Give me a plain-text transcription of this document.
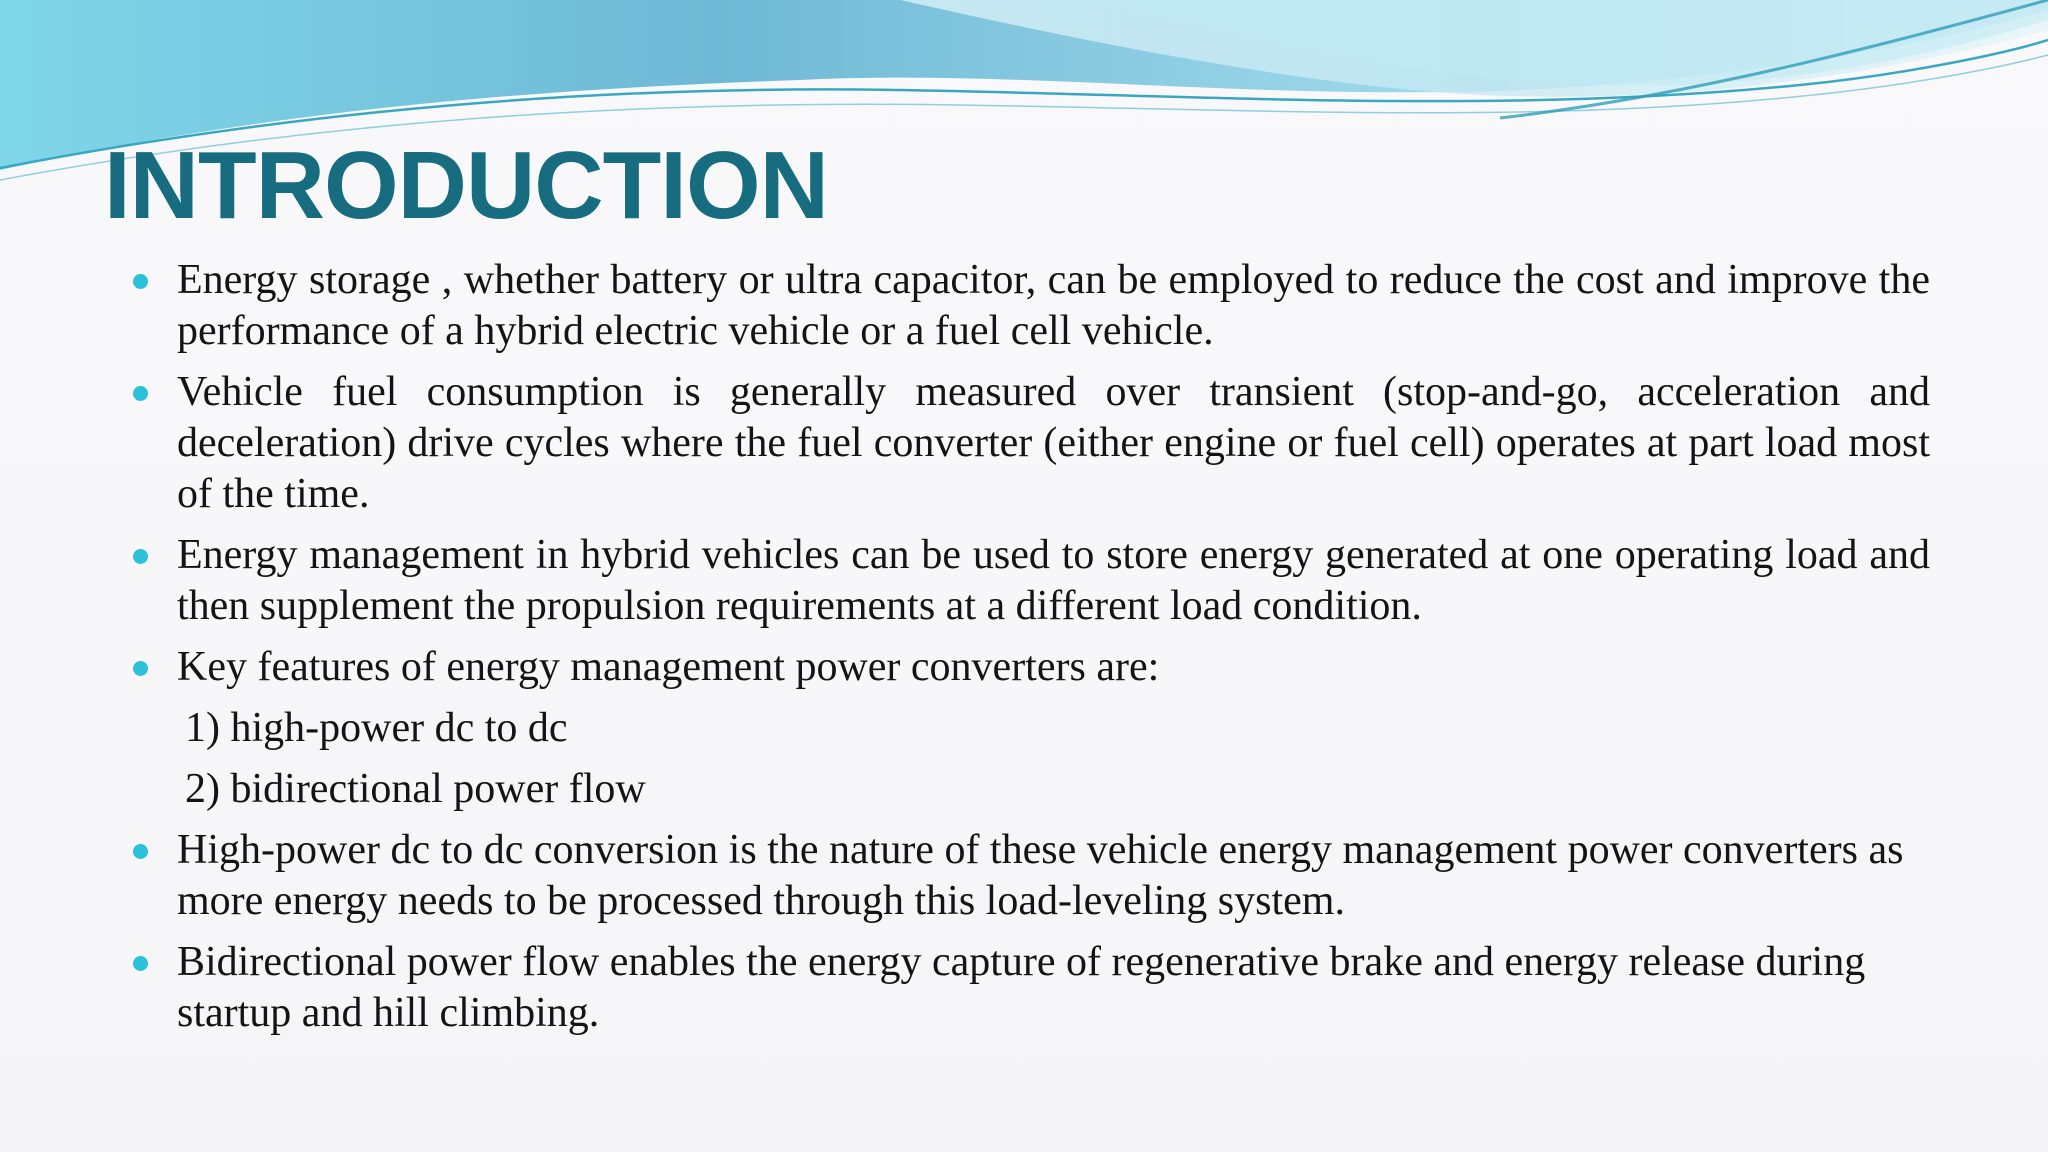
INTRODUCTION
Energy storage , whether battery or ultra capacitor, can be employed to reduce the cost and improve the performance of a hybrid electric vehicle or a fuel cell vehicle.
Vehicle fuel consumption is generally measured over transient (stop-and-go, acceleration and deceleration) drive cycles where the fuel converter (either engine or fuel cell) operates at part load most of the time.
Energy management in hybrid vehicles can be used to store energy generated at one operating load and then supplement the propulsion requirements at a different load condition.
Key features of energy management power converters are:
1) high-power dc to dc
2) bidirectional power flow
High-power dc to dc conversion is the nature of these vehicle energy management power converters as more energy needs to be processed through this load-leveling system.
Bidirectional power flow enables the energy capture of regenerative brake and energy release during startup and hill climbing.
